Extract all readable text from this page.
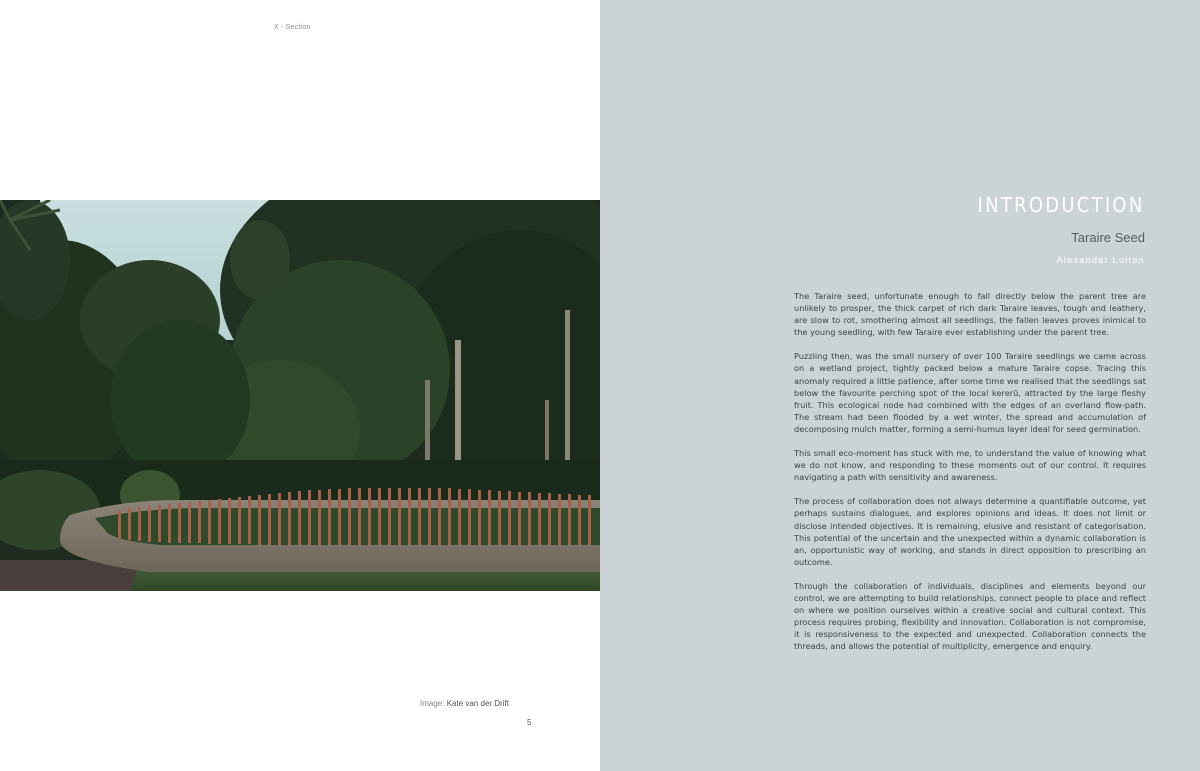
X - Section
Image: Kate van der Drift
5
INTRODUCTION
Taraire Seed
Alexander Luiten

The Taraire seed, unfortunate enough to fall directly below the parent tree are unlikely to prosper, the thick carpet of rich dark Taraire leaves, tough and leathery, are slow to rot, smothering almost all seedlings, the fallen leaves proves inimical to the young seedling, with few Taraire ever establishing under the parent tree.

Puzzling then, was the small nursery of over 100 Taraire seedlings we came across on a wetland project, tightly packed below a mature Taraire copse. Tracing this anomaly required a little patience, after some time we realised that the seedlings sat below the favourite perching spot of the local kererū, attracted by the large fleshy fruit. This ecological node had combined with the edges of an overland flow-path. The stream had been flooded by a wet winter, the spread and accumulation of decomposing mulch matter, forming a semi-humus layer ideal for seed germination.

This small eco-moment has stuck with me, to understand the value of knowing what we do not know, and responding to these moments out of our control. It requires navigating a path with sensitivity and awareness.

The process of collaboration does not always determine a quantifiable outcome, yet perhaps sustains dialogues, and explores opinions and ideas. It does not limit or disclose intended objectives. It is remaining, elusive and resistant of categorisation. This potential of the uncertain and the unexpected within a dynamic collaboration is an, opportunistic way of working, and stands in direct opposition to prescribing an outcome.

Through the collaboration of individuals, disciplines and elements beyond our control, we are attempting to build relationships, connect people to place and reflect on where we position ourselves within a creative social and cultural context. This process requires probing, flexibility and innovation. Collaboration is not compromise, it is responsiveness to the expected and unexpected. Collaboration connects the threads, and allows the potential of multiplicity, emergence and enquiry.
